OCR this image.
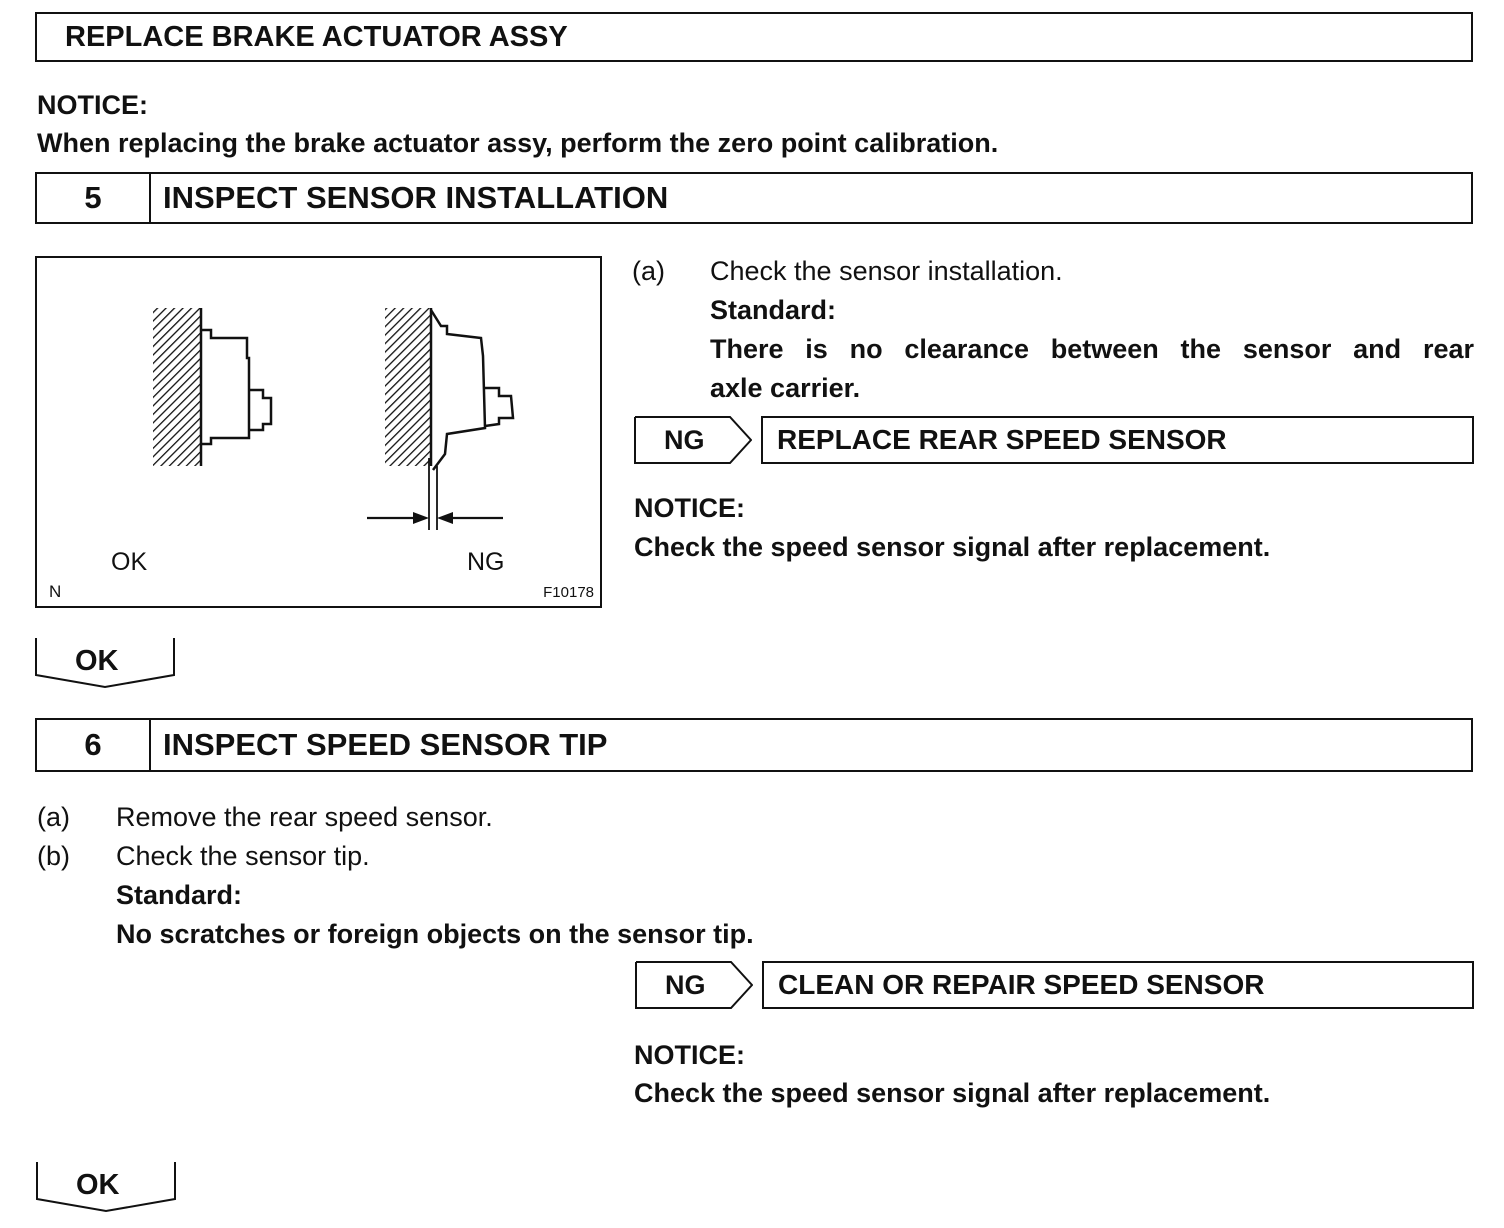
REPLACE BRAKE ACTUATOR ASSY
NOTICE:
When replacing the brake actuator assy, perform the zero point calibration.
5	INSPECT SENSOR INSTALLATION
OK	NG
N	F10178
(a) Check the sensor installation.
Standard:
There is no clearance between the sensor and rear
axle carrier.
NG	REPLACE REAR SPEED SENSOR
NOTICE:
Check the speed sensor signal after replacement.
OK
6	INSPECT SPEED SENSOR TIP
(a) Remove the rear speed sensor.
(b) Check the sensor tip.
Standard:
No scratches or foreign objects on the sensor tip.
NG	CLEAN OR REPAIR SPEED SENSOR
NOTICE:
Check the speed sensor signal after replacement.
OK
